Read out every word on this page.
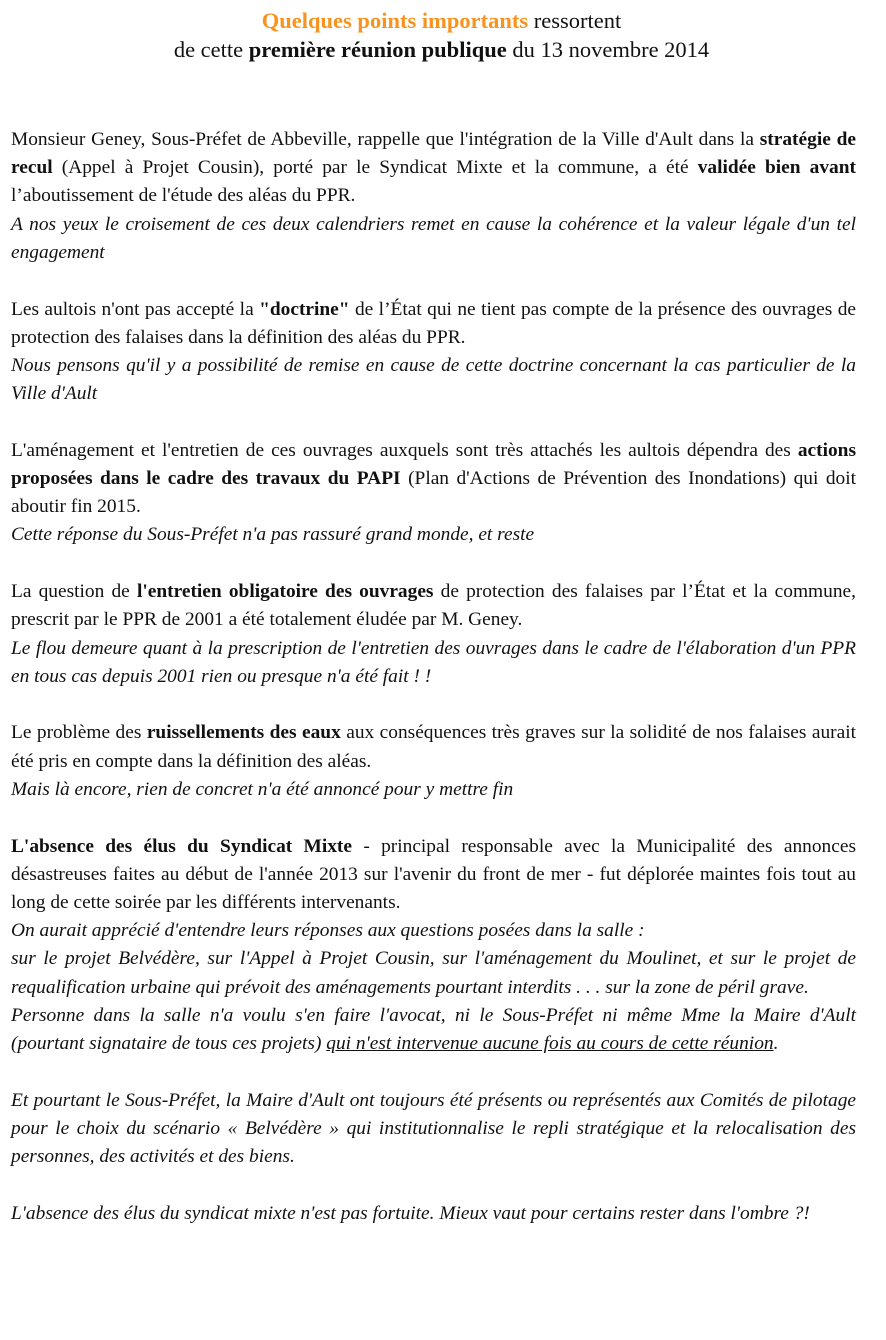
Quelques points importants ressortent
de cette première réunion publique du 13 novembre 2014

Monsieur Geney, Sous-Préfet de Abbeville, rappelle que l'intégration de la Ville d'Ault dans la stratégie de recul (Appel à Projet Cousin), porté par le Syndicat Mixte et la commune, a été validée bien avant l’aboutissement de l'étude des aléas du PPR.

A nos yeux le croisement de ces deux calendriers remet en cause la cohérence et la valeur légale d'un tel engagement

Les aultois n'ont pas accepté la "doctrine" de l’État qui ne tient pas compte de la présence des ouvrages de protection des falaises dans la définition des aléas du PPR.

Nous pensons qu'il y a possibilité de remise en cause de cette doctrine concernant la cas particulier de la Ville d'Ault

L'aménagement et l'entretien de ces ouvrages auxquels sont très attachés les aultois dépendra des actions proposées dans le cadre des travaux du PAPI (Plan d'Actions de Prévention des Inondations) qui doit aboutir fin 2015.

Cette réponse du Sous-Préfet n'a pas rassuré grand monde, et reste

La question de l'entretien obligatoire des ouvrages de protection des falaises par l’État et la commune, prescrit par le PPR de 2001 a été totalement éludée par M. Geney.

Le flou demeure quant à la prescription de l'entretien des ouvrages dans le cadre de l'élaboration d'un PPR en tous cas depuis 2001 rien ou presque n'a été fait ! !

Le problème des ruissellements des eaux aux conséquences très graves sur la solidité de nos falaises aurait été pris en compte dans la définition des aléas.

Mais là encore, rien de concret n'a été annoncé pour y mettre fin

L'absence des élus du Syndicat Mixte - principal responsable avec la Municipalité des annonces désastreuses faites au début de l'année 2013 sur l'avenir du front de mer - fut déplorée maintes fois tout au long de cette soirée par les différents intervenants.

On aurait apprécié d'entendre leurs réponses aux questions posées dans la salle :

sur le projet Belvédère, sur l'Appel à Projet Cousin, sur l'aménagement du Moulinet, et sur le projet de requalification urbaine qui prévoit des aménagements pourtant interdits . . . sur la zone de péril grave.

Personne dans la salle n'a voulu s'en faire l'avocat, ni le Sous-Préfet ni même Mme la Maire d'Ault (pourtant signataire de tous ces projets) qui n'est intervenue aucune fois au cours de cette réunion.

Et pourtant le Sous-Préfet, la Maire d'Ault ont toujours été présents ou représentés aux Comités de pilotage pour le choix du scénario « Belvédère » qui institutionnalise le repli stratégique et la relocalisation des personnes, des activités et des biens.

L'absence des élus du syndicat mixte n'est pas fortuite. Mieux vaut pour certains rester dans l'ombre ?!
